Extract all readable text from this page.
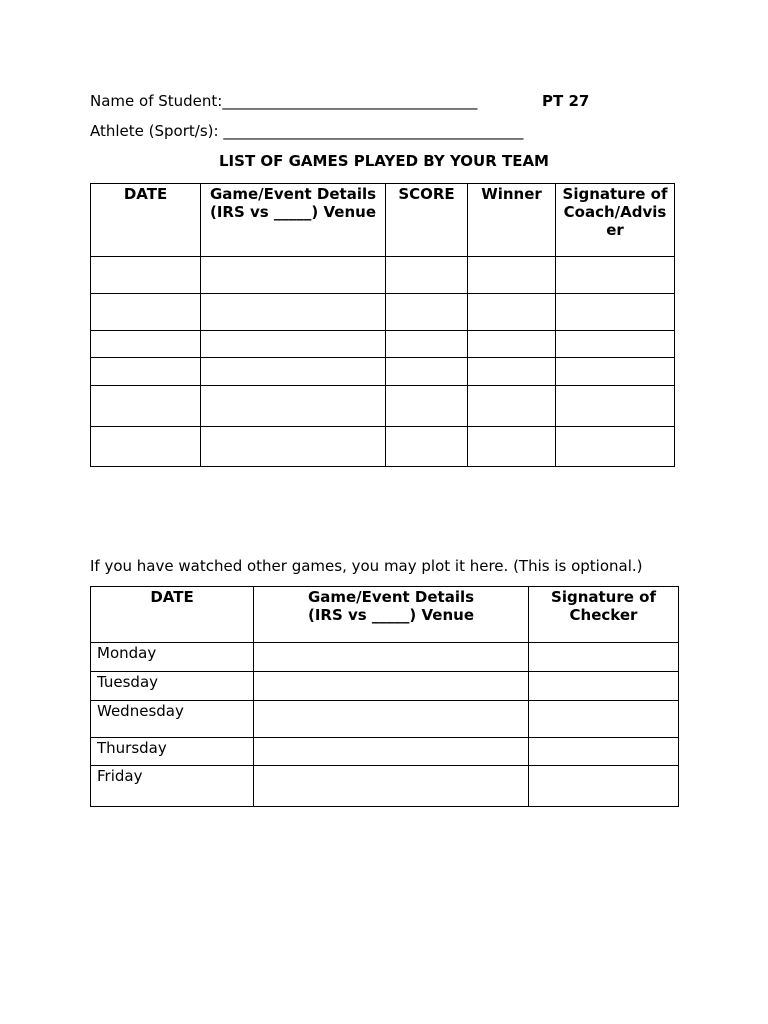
Name of Student:__________________________________	PT 27
Athlete (Sport/s): ________________________________________
LIST OF GAMES PLAYED BY YOUR TEAM
DATE	Game/Event Details (IRS vs _____) Venue	SCORE	Winner	Signature of Coach/Adviser

If you have watched other games, you may plot it here. (This is optional.)
DATE	Game/Event Details (IRS vs _____) Venue	Signature of Checker
Monday		
Tuesday		
Wednesday		
Thursday		
Friday		
